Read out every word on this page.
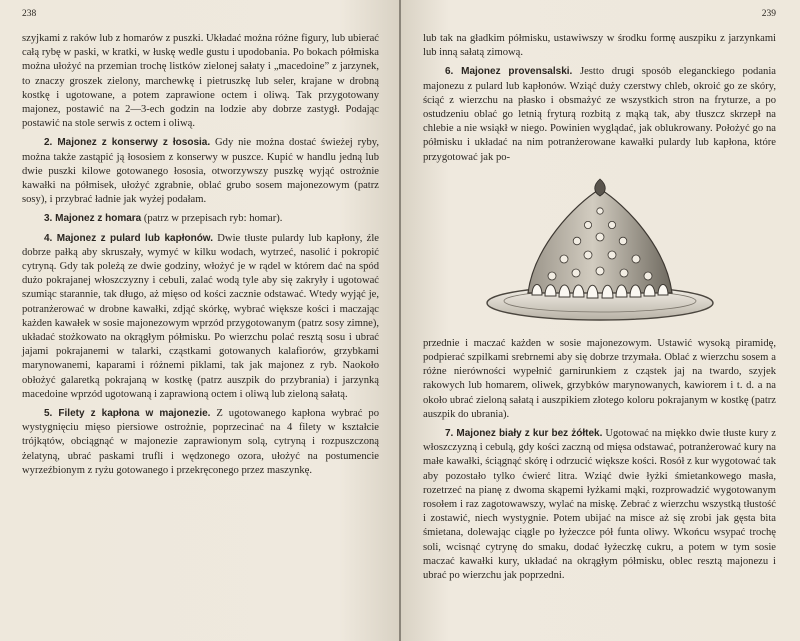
238

szyjkami z raków lub z homarów z puszki. Układać można różne figury, lub ubierać całą rybę w paski, w kratki, w łuskę wedle gustu i upodobania. Po bokach półmiska można ułożyć na przemian trochę listków zielonej sałaty i „macedoine” z jarzynek, to znaczy groszek zielony, marchewkę i pietruszkę lub seler, krajane w drobną kostkę i ugotowane, a potem zaprawione octem i oliwą. Tak przygotowany majonez, postawić na 2—3-ech godzin na lodzie aby dobrze zastygł. Podając postawić na stole serwis z octem i oliwą.

2. Majonez z konserwy z łososia. Gdy nie można dostać świeżej ryby, można także zastąpić ją łososiem z konserwy w puszce. Kupić w handlu jedną lub dwie puszki kilowe gotowanego łososia, otworzywszy puszkę wyjąć ostrożnie kawałki na półmisek, ułożyć zgrabnie, oblać grubo sosem majonezowym (patrz sosy), i przybrać ładnie jak wyżej podałam.

3. Majonez z homara (patrz w przepisach ryb: homar).

4. Majonez z pulard lub kapłonów. Dwie tłuste pulardy lub kapłony, źle dobrze pałką aby skruszały, wymyć w kilku wodach, wytrzeć, nasolić i pokropić cytryną. Gdy tak poleżą ze dwie godziny, włożyć je w rądel w którem dać na spód dużo pokrajanej włoszczyzny i cebuli, zalać wodą tyle aby się zakryły i ugotować szumiąc starannie, tak długo, aż mięso od kości zacznie odstawać. Wtedy wyjąć je, potranżerować w drobne kawałki, zdjąć skórkę, wybrać większe kości i maczając każden kawałek w sosie majonezowym wprzód przygotowanym (patrz sosy zimne), układać stożkowato na okrągłym półmisku. Po wierzchu polać resztą sosu i ubrać jajami pokrajanemi w talarki, cząstkami gotowanych kalafiorów, grzybkami marynowanemi, kaparami i różnemi piklami, tak jak majonez z ryb. Naokoło obłożyć galaretką pokrajaną w kostkę (patrz auszpik do przybrania) i jarzynką macedoine wprzód ugotowaną i zaprawioną octem i oliwą lub zieloną sałatą.

5. Filety z kapłona w majonezie. Z ugotowanego kapłona wybrać po wystygnięciu mięso piersiowe ostrożnie, poprzecinać na 4 filety w kształcie trójkątów, obciągnąć w majonezie zaprawionym solą, cytryną i rozpuszczoną żelatyną, ubrać paskami trufli i wędzonego ozora, ułożyć na postumencie wyrzeźbionym z ryżu gotowanego i przekręconego przez maszynkę.

239

lub tak na gładkim półmisku, ustawiwszy w środku formę auszpiku z jarzynkami lub inną sałatą zimową.

6. Majonez provensalski. Jestto drugi sposób eleganckiego podania majonezu z pulard lub kapłonów. Wziąć duży czerstwy chleb, okroić go ze skóry, ściąć z wierzchu na płasko i obsmażyć ze wszystkich stron na fryturze, a po ostudzeniu oblać go letnią fryturą rozbitą z mąką tak, aby tłuszcz skrzepł na chlebie a nie wsiąkł w niego. Powinien wyglądać, jak oblukrowany. Położyć go na półmisku i układać na nim potranżerowane kawałki pulardy lub kapłona, które przygotować jak po-

przednie i maczać każden w sosie majonezowym. Ustawić wysoką piramidę, podpierać szpilkami srebrnemi aby się dobrze trzymała. Oblać z wierzchu sosem a różne nierówności wypełnić garnirunkiem z cząstek jaj na twardo, szyjek rakowych lub homarem, oliwek, grzybków marynowanych, kawiorem i t. d. a na około ubrać zieloną sałatą i auszpikiem złotego koloru pokrajanym w kostkę (patrz auszpik do ubrania).

7. Majonez biały z kur bez żółtek. Ugotować na miękko dwie tłuste kury z włoszczyzną i cebulą, gdy kości zaczną od mięsa odstawać, potranżerować kury na małe kawałki, ściągnąć skórę i odrzucić większe kości. Rosół z kur wygotować tak aby pozostało tylko ćwierć litra. Wziąć dwie łyżki śmietankowego masła, rozetrzeć na pianę z dwoma skąpemi łyżkami mąki, rozprowadzić wygotowanym rosołem i raz zagotowawszy, wylać na miskę. Zebrać z wierzchu wszystką tłustość i zostawić, niech wystygnie. Potem ubijać na misce aż się zrobi jak gęsta bita śmietana, dolewając ciągle po łyżeczce pół funta oliwy. Wkońcu wsypać trochę soli, wcisnąć cytrynę do smaku, dodać łyżeczkę cukru, a potem w tym sosie maczać kawałki kury, układać na okrągłym półmisku, oblec resztą majonezu i ubrać po wierzchu jak poprzedni.
